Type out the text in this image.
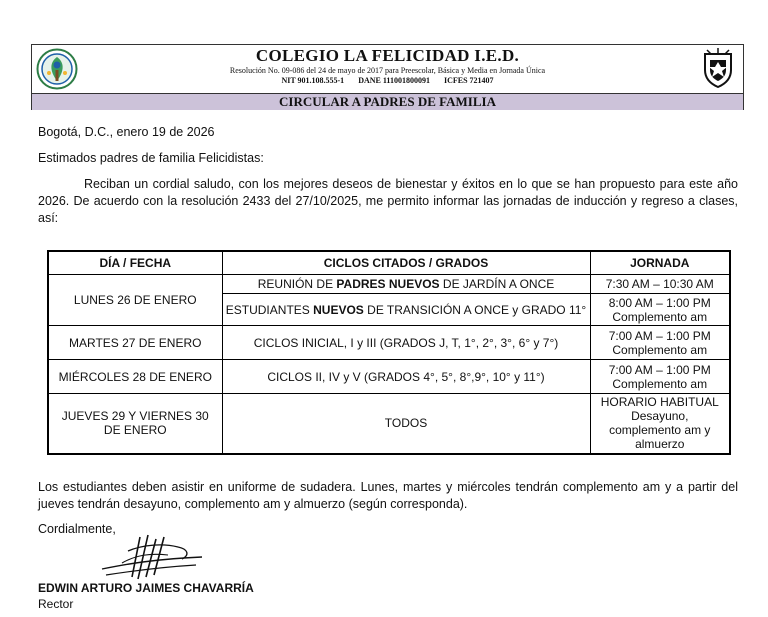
COLEGIO LA FELICIDAD I.E.D.
Resolución No. 09-086 del 24 de mayo de 2017 para Preescolar, Básica y Media en Jornada Única
NIT 901.108.555-1 DANE 111001800091 ICFES 721407
CIRCULAR A PADRES DE FAMILIA
Bogotá, D.C., enero 19 de 2026
Estimados padres de familia Felicidistas:
Reciban un cordial saludo, con los mejores deseos de bienestar y éxitos en lo que se han propuesto para este año 2026. De acuerdo con la resolución 2433 del 27/10/2025, me permito informar las jornadas de inducción y regreso a clases, así:
DÍA / FECHA	CICLOS CITADOS / GRADOS	JORNADA
LUNES 26 DE ENERO	REUNIÓN DE PADRES NUEVOS DE JARDÍN A ONCE	7:30 AM – 10:30 AM
	ESTUDIANTES NUEVOS DE TRANSICIÓN A ONCE y GRADO 11°	8:00 AM – 1:00 PM
Complemento am

MARTES 27 DE ENERO	CICLOS INICIAL, I y III (GRADOS J, T, 1°, 2°, 3°, 6° y 7°)	7:00 AM – 1:00 PM
Complemento am

MIÉRCOLES 28 DE ENERO	CICLOS II, IV y V (GRADOS 4°, 5°, 8°,9°, 10° y 11°)	7:00 AM – 1:00 PM
Complemento am

JUEVES 29 Y VIERNES 30 DE ENERO	TODOS	HORARIO HABITUAL
Desayuno, complemento am y almuerzo
Los estudiantes deben asistir en uniforme de sudadera. Lunes, martes y miércoles tendrán complemento am y a partir del jueves tendrán desayuno, complemento am y almuerzo (según corresponda).
Cordialmente,
EDWIN ARTURO JAIMES CHAVARRÍA
Rector
